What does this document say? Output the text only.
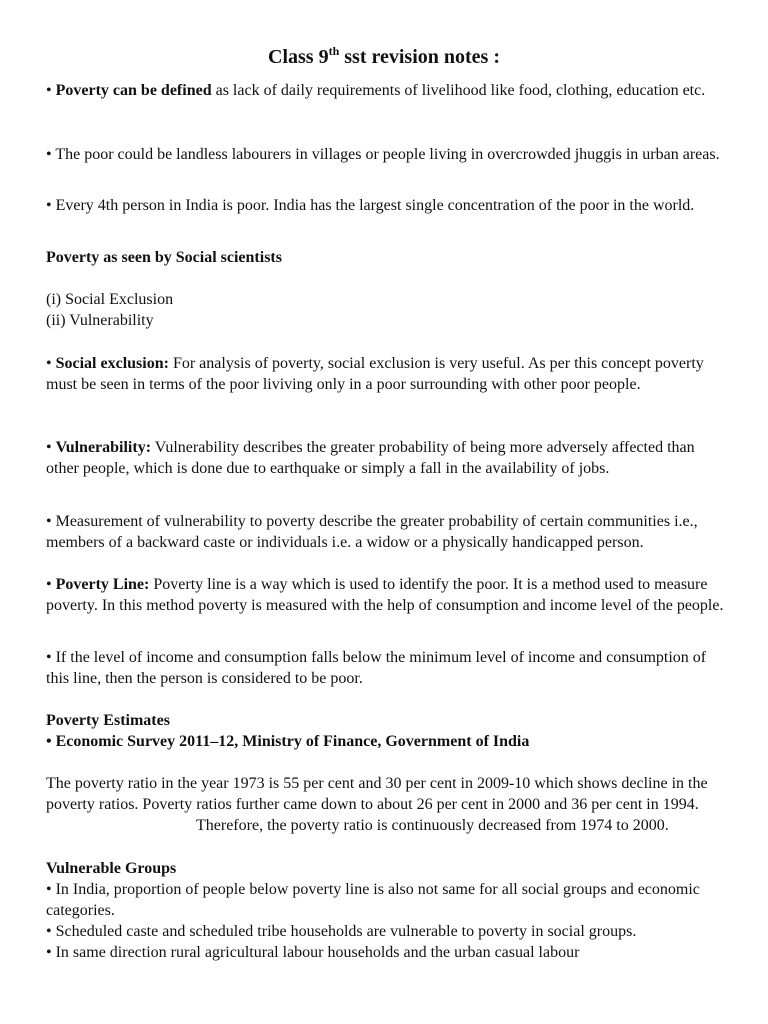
Class 9th sst revision notes :

• Poverty can be defined as lack of daily requirements of livelihood like food, clothing, education etc.

• The poor could be landless labourers in villages or people living in overcrowded jhuggis in urban areas.

• Every 4th person in India is poor. India has the largest single concentration of the poor in the world.

Poverty as seen by Social scientists

(i) Social Exclusion

(ii) Vulnerability

• Social exclusion: For analysis of poverty, social exclusion is very useful. As per this concept poverty must be seen in terms of the poor liviving only in a poor surrounding with other poor people.

• Vulnerability: Vulnerability describes the greater probability of being more adversely affected than other people, which is done due to earthquake or simply a fall in the availability of jobs.

• Measurement of vulnerability to poverty describe the greater probability of certain communities i.e., members of a backward caste or individuals i.e. a widow or a physically handicapped person.

• Poverty Line: Poverty line is a way which is used to identify the poor. It is a method used to measure poverty. In this method poverty is measured with the help of consumption and income level of the people.

• If the level of income and consumption falls below the minimum level of income and consumption of this line, then the person is considered to be poor.

Poverty Estimates

• Economic Survey 2011–12, Ministry of Finance, Government of India

The poverty ratio in the year 1973 is 55 per cent and 30 per cent in 2009-10 which shows decline in the poverty ratios. Poverty ratios further came down to about 26 per cent in 2000 and 36 per cent in 1994.Therefore, the poverty ratio is continuously decreased from 1974 to 2000.

Vulnerable Groups

• In India, proportion of people below poverty line is also not same for all social groups and economic categories.

• Scheduled caste and scheduled tribe households are vulnerable to poverty in social groups.

• In same direction rural agricultural labour households and the urban casual labour
